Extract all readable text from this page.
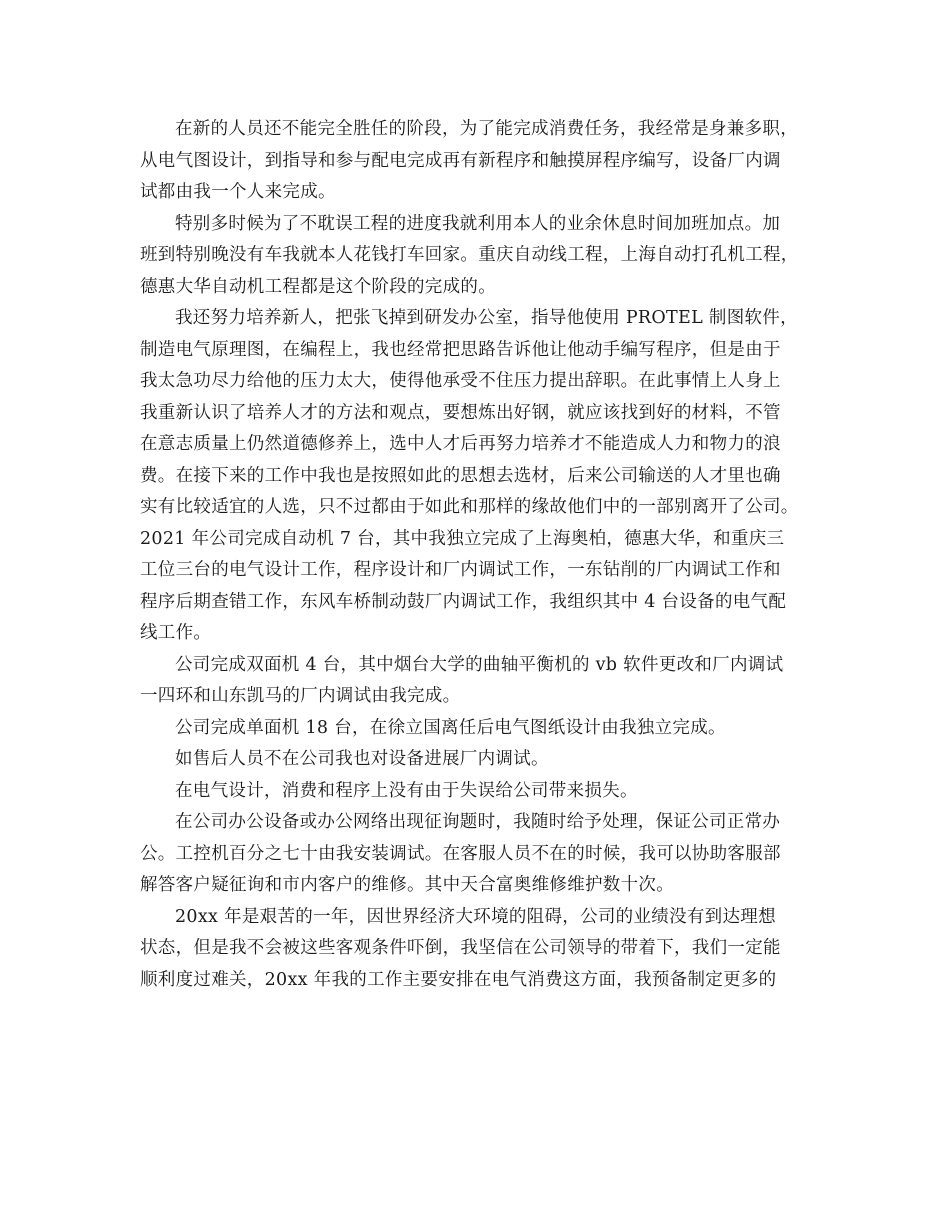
在新的人员还不能完全胜任的阶段，为了能完成消费任务，我经常是身兼多职，
从电气图设计，到指导和参与配电完成再有新程序和触摸屏程序编写，设备厂内调
试都由我一个人来完成。
特别多时候为了不耽误工程的进度我就利用本人的业余休息时间加班加点。加
班到特别晚没有车我就本人花钱打车回家。重庆自动线工程，上海自动打孔机工程，
德惠大华自动机工程都是这个阶段的完成的。
我还努力培养新人，把张飞掉到研发办公室，指导他使用 PROTEL 制图软件，
制造电气原理图，在编程上，我也经常把思路告诉他让他动手编写程序，但是由于
我太急功尽力给他的压力太大，使得他承受不住压力提出辞职。在此事情上人身上
我重新认识了培养人才的方法和观点，要想炼出好钢，就应该找到好的材料，不管
在意志质量上仍然道德修养上，选中人才后再努力培养才不能造成人力和物力的浪
费。在接下来的工作中我也是按照如此的思想去选材，后来公司输送的人才里也确
实有比较适宜的人选，只不过都由于如此和那样的缘故他们中的一部别离开了公司。
2021 年公司完成自动机 7 台，其中我独立完成了上海奥柏，德惠大华，和重庆三
工位三台的电气设计工作，程序设计和厂内调试工作，一东钻削的厂内调试工作和
程序后期查错工作，东风车桥制动鼓厂内调试工作，我组织其中 4 台设备的电气配
线工作。
公司完成双面机 4 台，其中烟台大学的曲轴平衡机的 vb 软件更改和厂内调试
一四环和山东凯马的厂内调试由我完成。
公司完成单面机 18 台，在徐立国离任后电气图纸设计由我独立完成。
如售后人员不在公司我也对设备进展厂内调试。
在电气设计，消费和程序上没有由于失误给公司带来损失。
在公司办公设备或办公网络出现征询题时，我随时给予处理，保证公司正常办
公。工控机百分之七十由我安装调试。在客服人员不在的时候，我可以协助客服部
解答客户疑征询和市内客户的维修。其中天合富奥维修维护数十次。
20xx 年是艰苦的一年，因世界经济大环境的阻碍，公司的业绩没有到达理想
状态，但是我不会被这些客观条件吓倒，我坚信在公司领导的带着下，我们一定能
顺利度过难关，20xx 年我的工作主要安排在电气消费这方面，我预备制定更多的
